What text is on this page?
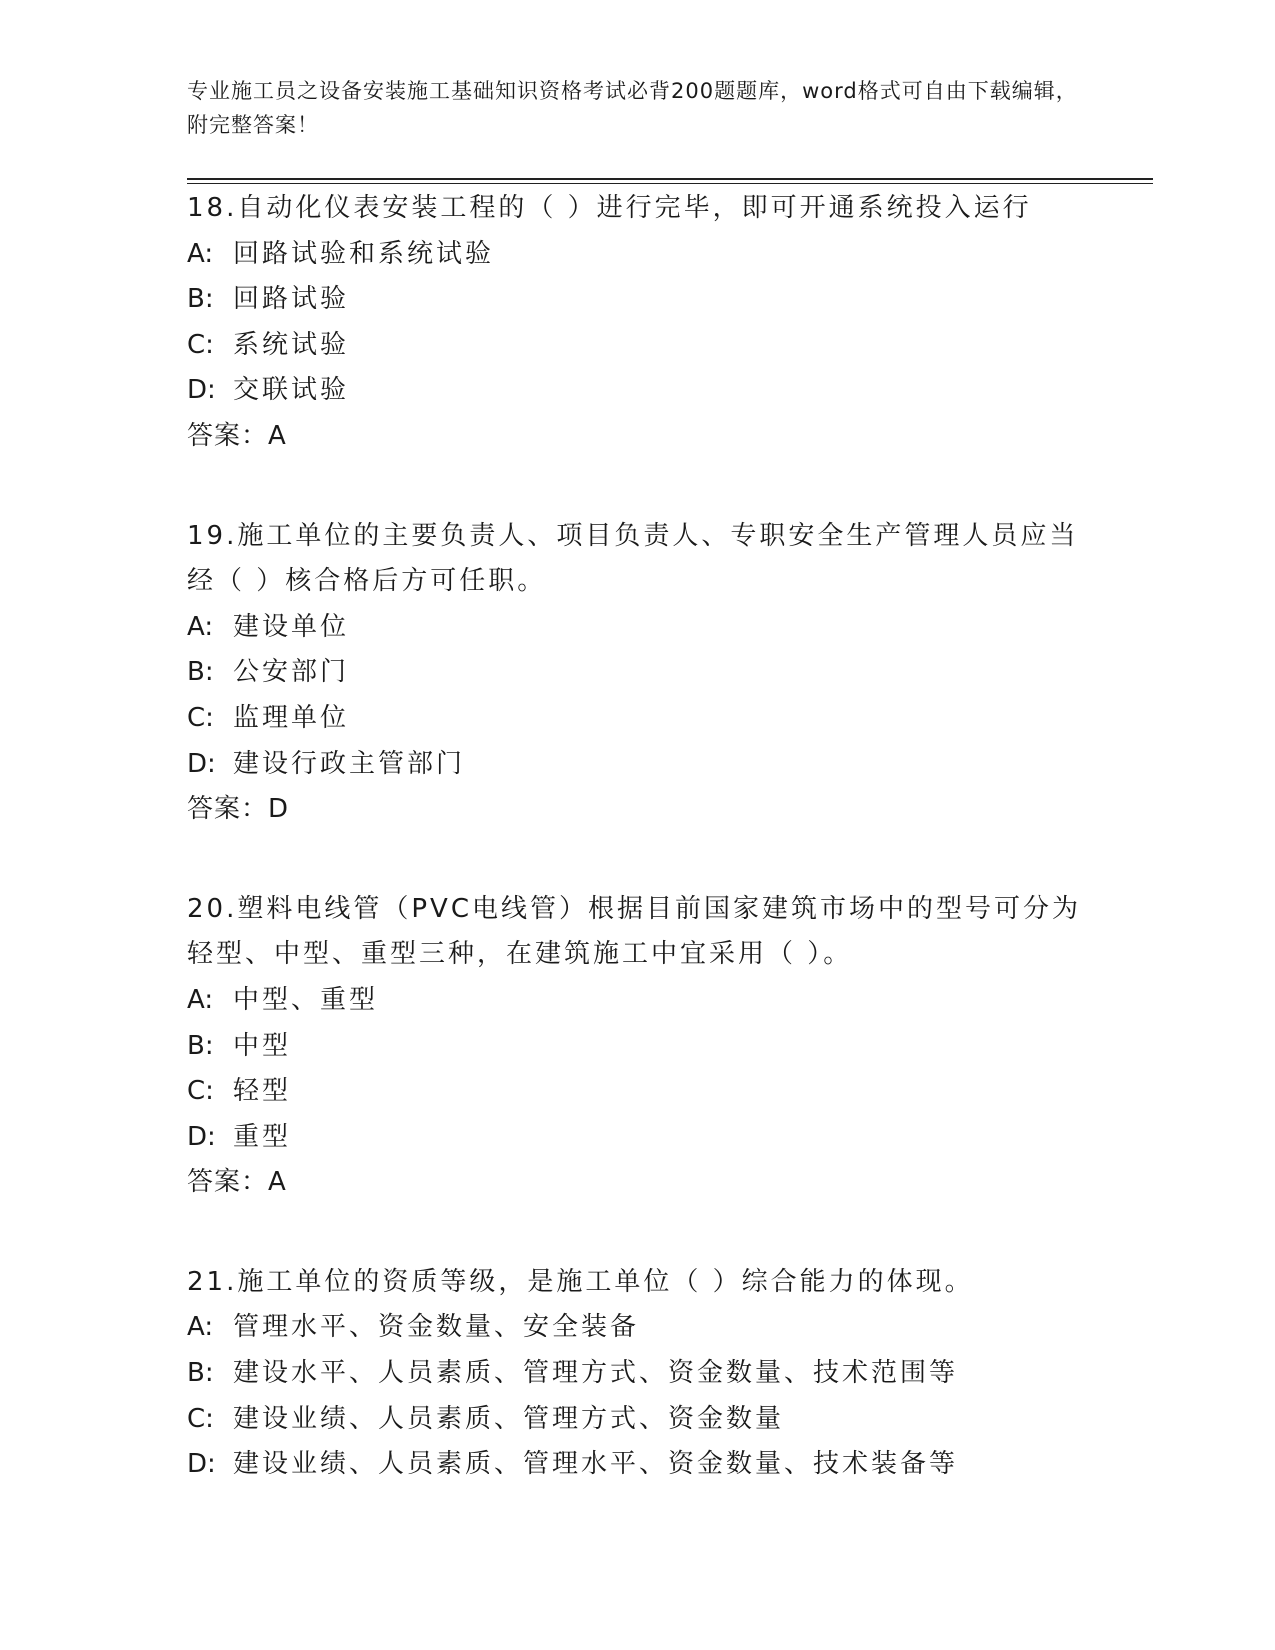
专业施工员之设备安装施工基础知识资格考试必背200题题库，word格式可自由下载编辑，附完整答案！
18.自动化仪表安装工程的（ ）进行完毕，即可开通系统投入运行
A: 回路试验和系统试验
B: 回路试验
C: 系统试验
D: 交联试验
答案：A
19.施工单位的主要负责人、项目负责人、专职安全生产管理人员应当经（ ）核合格后方可任职。
A: 建设单位
B: 公安部门
C: 监理单位
D: 建设行政主管部门
答案：D
20.塑料电线管（PVC电线管）根据目前国家建筑市场中的型号可分为轻型、中型、重型三种，在建筑施工中宜采用（ ）。
A: 中型、重型
B: 中型
C: 轻型
D: 重型
答案：A
21.施工单位的资质等级，是施工单位（ ）综合能力的体现。
A: 管理水平、资金数量、安全装备
B: 建设水平、人员素质、管理方式、资金数量、技术范围等
C: 建设业绩、人员素质、管理方式、资金数量
D: 建设业绩、人员素质、管理水平、资金数量、技术装备等
